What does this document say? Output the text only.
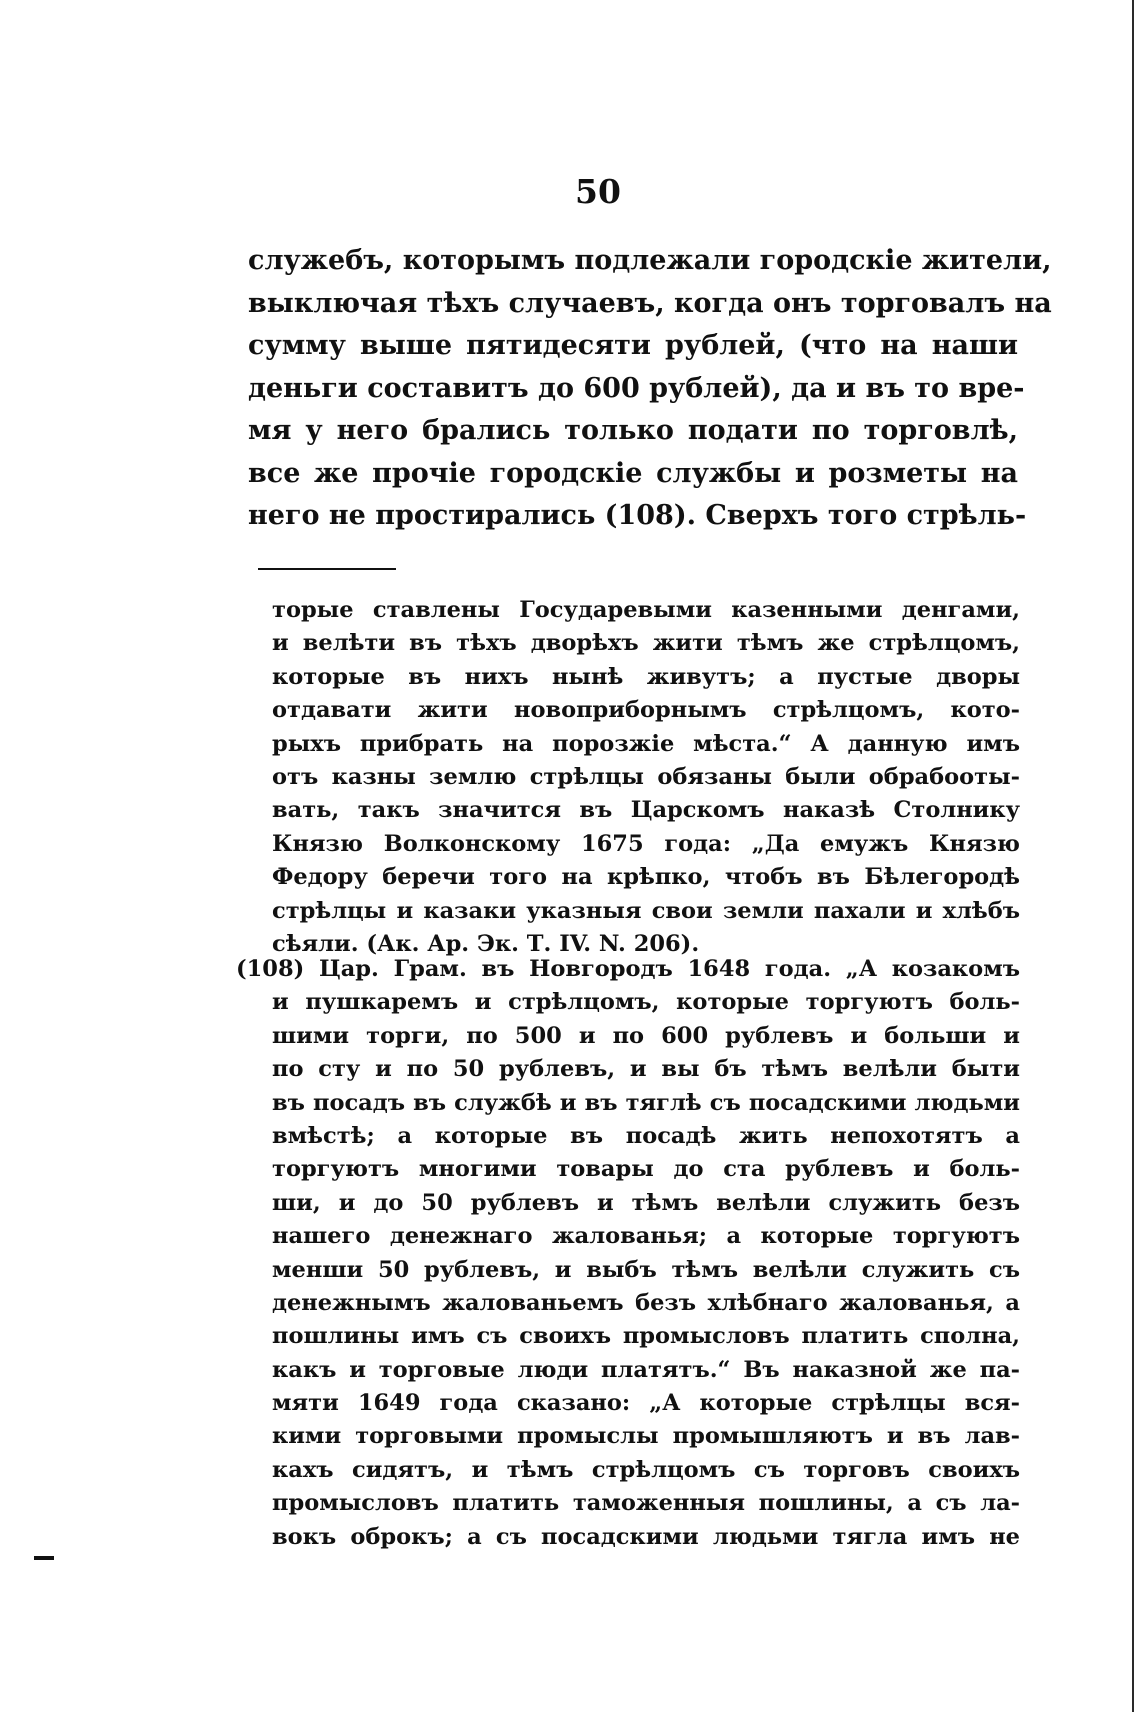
50
служебъ, которымъ подлежали городскіе жители,
выключая тѣхъ случаевъ, когда онъ торговалъ на
сумму выше пятидесяти рублей, (что на наши
деньги составитъ до 600 рублей), да и въ то вре-
мя у него брались только подати по торговлѣ,
все же прочіе городскіе службы и розметы на
него не простирались (108). Сверхъ того стрѣль-
торые ставлены Государевыми казенными денгами,
и велѣти въ тѣхъ дворѣхъ жити тѣмъ же стрѣлцомъ,
которые въ нихъ нынѣ живутъ; а пустые дворы
отдавати жити новоприборнымъ стрѣлцомъ, кото-
рыхъ прибрать на порозжіе мѣста.“ А данную имъ
отъ казны землю стрѣлцы обязаны были обрабооты-
вать, такъ значится въ Царскомъ наказѣ Столнику
Князю Волконскому 1675 года: „Да емужъ Князю
Федору беречи того на крѣпко, чтобъ въ Бѣлегородѣ
стрѣлцы и казаки указныя свои земли пахали и хлѣбъ
сѣяли. (Ак. Ар. Эк. Т. IV. N. 206).
(108) Цар. Грам. въ Новгородъ 1648 года. „А козакомъ
и пушкаремъ и стрѣлцомъ, которые торгуютъ боль-
шими торги, по 500 и по 600 рублевъ и больши и
по сту и по 50 рублевъ, и вы бъ тѣмъ велѣли быти
въ посадъ въ службѣ и въ тяглѣ съ посадскими людьми
вмѣстѣ; а которые въ посадѣ жить непохотятъ а
торгуютъ многими товары до ста рублевъ и боль-
ши, и до 50 рублевъ и тѣмъ велѣли служить безъ
нашего денежнаго жалованья; а которые торгуютъ
менши 50 рублевъ, и выбъ тѣмъ велѣли служить съ
денежнымъ жалованьемъ безъ хлѣбнаго жалованья, а
пошлины имъ съ своихъ промысловъ платить сполна,
какъ и торговые люди платятъ.“ Въ наказной же па-
мяти 1649 года сказано: „А которые стрѣлцы вся-
кими торговыми промыслы промышляютъ и въ лав-
кахъ сидятъ, и тѣмъ стрѣлцомъ съ торговъ своихъ
промысловъ платить таможенныя пошлины, а съ ла-
вокъ оброкъ; а съ посадскими людьми тягла имъ не
